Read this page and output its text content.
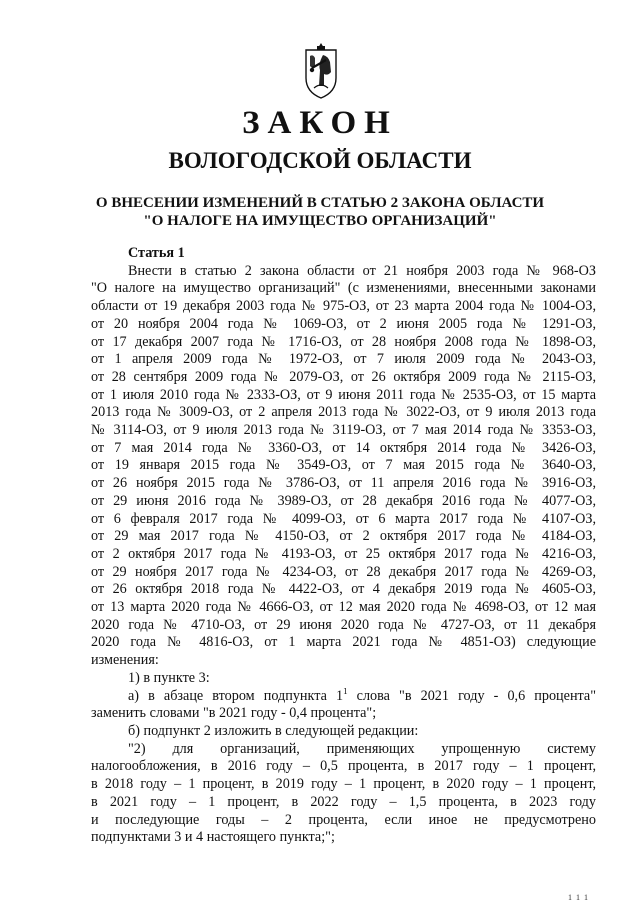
ЗАКОН
ВОЛОГОДСКОЙ ОБЛАСТИ
О ВНЕСЕНИИ ИЗМЕНЕНИЙ В СТАТЬЮ 2 ЗАКОНА ОБЛАСТИ
"О НАЛОГЕ НА ИМУЩЕСТВО ОРГАНИЗАЦИЙ"
Статья 1
Внести в статью 2 закона области от 21 ноября 2003 года № 968-ОЗ
"О налоге на имущество организаций" (с изменениями, внесенными законами
области от 19 декабря 2003 года № 975-ОЗ, от 23 марта 2004 года № 1004-ОЗ,
от 20 ноября 2004 года № 1069-ОЗ, от 2 июня 2005 года № 1291-ОЗ,
от 17 декабря 2007 года № 1716-ОЗ, от 28 ноября 2008 года № 1898-ОЗ,
от 1 апреля 2009 года № 1972-ОЗ, от 7 июля 2009 года № 2043-ОЗ,
от 28 сентября 2009 года № 2079-ОЗ, от 26 октября 2009 года № 2115-ОЗ,
от 1 июля 2010 года № 2333-ОЗ, от 9 июня 2011 года № 2535-ОЗ, от 15 марта
2013 года № 3009-ОЗ, от 2 апреля 2013 года № 3022-ОЗ, от 9 июля 2013 года
№ 3114-ОЗ, от 9 июля 2013 года № 3119-ОЗ, от 7 мая 2014 года № 3353-ОЗ,
от 7 мая 2014 года № 3360-ОЗ, от 14 октября 2014 года № 3426-ОЗ,
от 19 января 2015 года № 3549-ОЗ, от 7 мая 2015 года № 3640-ОЗ,
от 26 ноября 2015 года № 3786-ОЗ, от 11 апреля 2016 года № 3916-ОЗ,
от 29 июня 2016 года № 3989-ОЗ, от 28 декабря 2016 года № 4077-ОЗ,
от 6 февраля 2017 года № 4099-ОЗ, от 6 марта 2017 года № 4107-ОЗ,
от 29 мая 2017 года № 4150-ОЗ, от 2 октября 2017 года № 4184-ОЗ,
от 2 октября 2017 года № 4193-ОЗ, от 25 октября 2017 года № 4216-ОЗ,
от 29 ноября 2017 года № 4234-ОЗ, от 28 декабря 2017 года № 4269-ОЗ,
от 26 октября 2018 года № 4422-ОЗ, от 4 декабря 2019 года № 4605-ОЗ,
от 13 марта 2020 года № 4666-ОЗ, от 12 мая 2020 года № 4698-ОЗ, от 12 мая
2020 года № 4710-ОЗ, от 29 июня 2020 года № 4727-ОЗ, от 11 декабря
2020 года № 4816-ОЗ, от 1 марта 2021 года № 4851-ОЗ) следующие
изменения:
1) в пункте 3:
а) в абзаце втором подпункта $1^1$ слова "в 2021 году - 0,6 процента"
заменить словами "в 2021 году - 0,4 процента";
б) подпункт 2 изложить в следующей редакции:
"2) для организаций, применяющих упрощенную систему
налогообложения, в 2016 году – 0,5 процента, в 2017 году – 1 процент,
в 2018 году – 1 процент, в 2019 году – 1 процент, в 2020 году – 1 процент,
в 2021 году – 1 процент, в 2022 году – 1,5 процента, в 2023 году
и последующие годы – 2 процента, если иное не предусмотрено
подпунктами 3 и 4 настоящего пункта;";
1 1 1
